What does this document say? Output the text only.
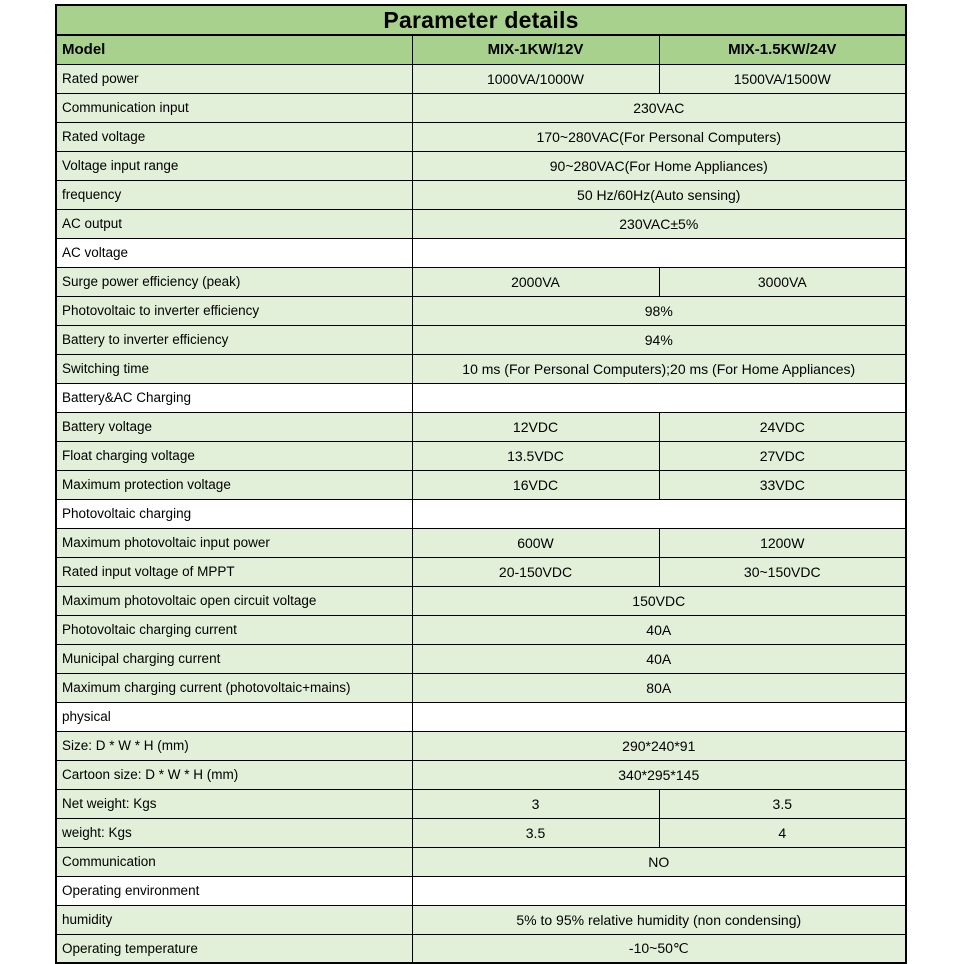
Parameter details		
Model	MIX-1KW/12V	MIX-1.5KW/24V
Rated power	1000VA/1000W	1500VA/1500W
Communication input	230VAC	
Rated voltage	170~280VAC(For Personal Computers)	
Voltage input range	90~280VAC(For Home Appliances)	
frequency	50 Hz/60Hz(Auto sensing)	
AC output	230VAC±5%	
AC voltage		
Surge power efficiency (peak)	2000VA	3000VA
Photovoltaic to inverter efficiency	98%	
Battery to inverter efficiency	94%	
Switching time	10 ms (For Personal Computers);20 ms (For Home Appliances)	
Battery&AC Charging		
Battery voltage	12VDC	24VDC
Float charging voltage	13.5VDC	27VDC
Maximum protection voltage	16VDC	33VDC
Photovoltaic charging		
Maximum photovoltaic input power	600W	1200W
Rated input voltage of MPPT	20-150VDC	30~150VDC
Maximum photovoltaic open circuit voltage	150VDC	
Photovoltaic charging current	40A	
Municipal charging current	40A	
Maximum charging current (photovoltaic+mains)	80A	
physical		
Size: D * W * H (mm)	290*240*91	
Cartoon size: D * W * H (mm)	340*295*145	
Net weight: Kgs	3	3.5
weight: Kgs	3.5	4
Communication	NO	
Operating environment		
humidity	5% to 95% relative humidity (non condensing)	
Operating temperature	-10~50℃	
